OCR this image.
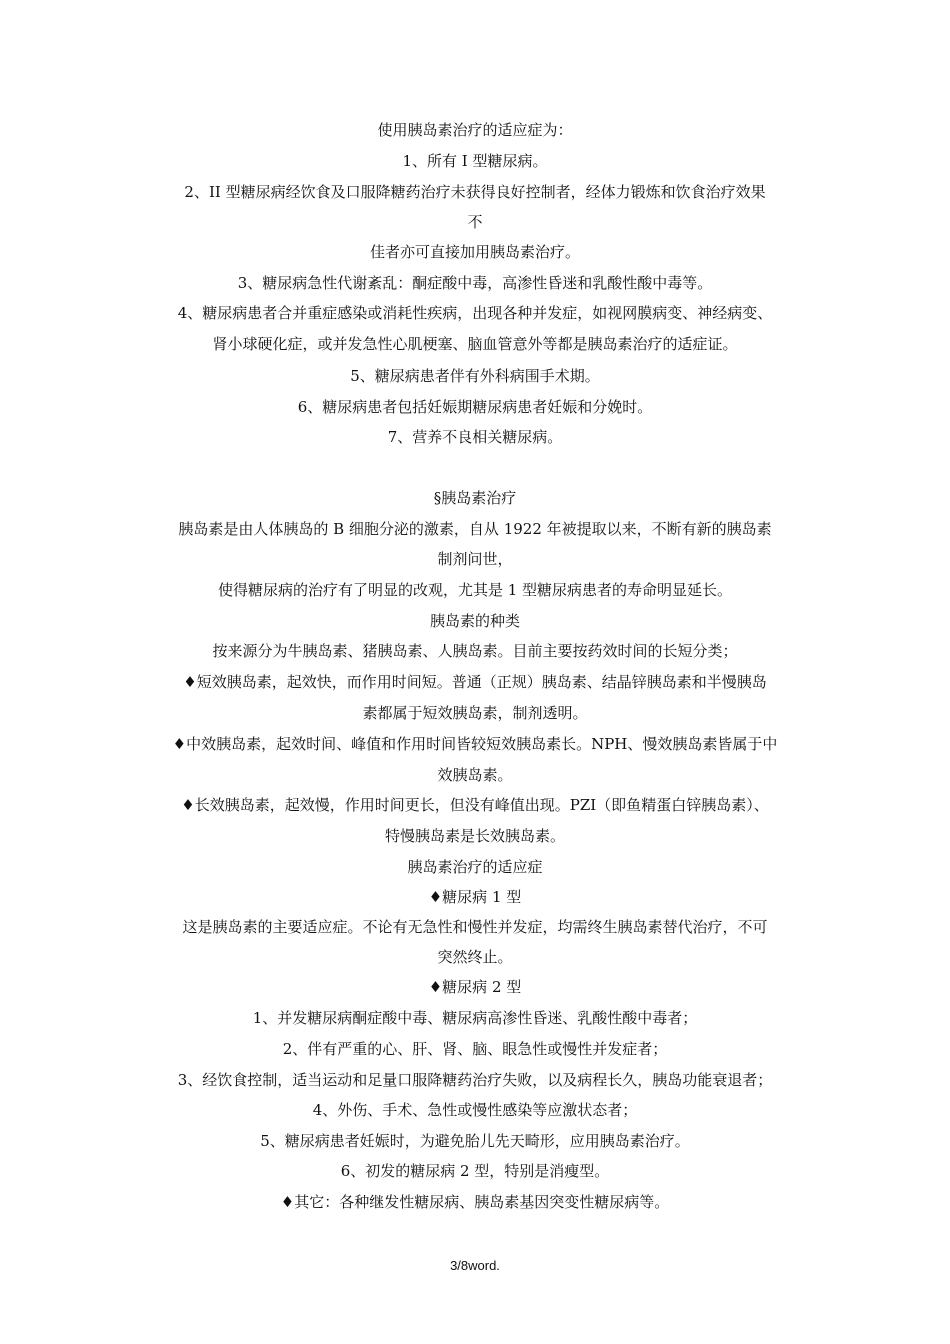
使用胰岛素治疗的适应症为：
1、所有 I 型糖尿病。
2、II 型糖尿病经饮食及口服降糖药治疗未获得良好控制者，经体力锻炼和饮食治疗效果
不
佳者亦可直接加用胰岛素治疗。
3、糖尿病急性代谢紊乱：酮症酸中毒，高渗性昏迷和乳酸性酸中毒等。
4、糖尿病患者合并重症感染或消耗性疾病，出现各种并发症，如视网膜病变、神经病变、
肾小球硬化症，或并发急性心肌梗塞、脑血管意外等都是胰岛素治疗的适症证。
5、糖尿病患者伴有外科病围手术期。
6、糖尿病患者包括妊娠期糖尿病患者妊娠和分娩时。
7、营养不良相关糖尿病。
§胰岛素治疗
胰岛素是由人体胰岛的 B 细胞分泌的激素，自从 1922 年被提取以来，不断有新的胰岛素
制剂问世，
使得糖尿病的治疗有了明显的改观，尤其是 1 型糖尿病患者的寿命明显延长。
胰岛素的种类
按来源分为牛胰岛素、猪胰岛素、人胰岛素。目前主要按药效时间的长短分类；
♦短效胰岛素，起效快，而作用时间短。普通（正规）胰岛素、结晶锌胰岛素和半慢胰岛
素都属于短效胰岛素，制剂透明。
♦中效胰岛素，起效时间、峰值和作用时间皆较短效胰岛素长。NPH、慢效胰岛素皆属于中
效胰岛素。
♦长效胰岛素，起效慢，作用时间更长，但没有峰值出现。PZI（即鱼精蛋白锌胰岛素）、
特慢胰岛素是长效胰岛素。
胰岛素治疗的适应症
♦糖尿病 1 型
这是胰岛素的主要适应症。不论有无急性和慢性并发症，均需终生胰岛素替代治疗，不可
突然终止。
♦糖尿病 2 型
1、并发糖尿病酮症酸中毒、糖尿病高渗性昏迷、乳酸性酸中毒者；
2、伴有严重的心、肝、肾、脑、眼急性或慢性并发症者；
3、经饮食控制，适当运动和足量口服降糖药治疗失败，以及病程长久，胰岛功能衰退者；
4、外伤、手术、急性或慢性感染等应激状态者；
5、糖尿病患者妊娠时，为避免胎儿先天畸形，应用胰岛素治疗。
6、初发的糖尿病 2 型，特别是消瘦型。
♦其它：各种继发性糖尿病、胰岛素基因突变性糖尿病等。
3/8word.
